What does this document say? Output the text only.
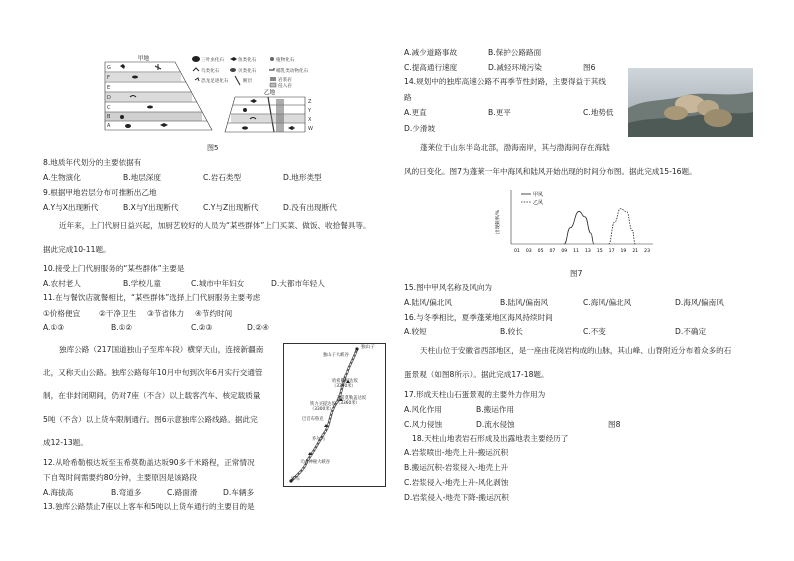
甲地
G
F
E
D
C
B
A
三叶虫化石	鱼类化石	植物化石
鸟类化石	贝类化石	哺乳类动物化石
恐龙足迹化石	断层	岩浆岩
侵入岩
乙地
Z
Y
X
W
图5
8.地质年代划分的主要依据有
A.生物演化	B.地层深度	C.岩石类型	D.地形类型
9.根据甲地岩层分布可推断出乙地
A.Y与X出现断代	B.X与Y出现断代	C.Y与Z出现断代	D.没有出现断代
近年来，上门代厨日益兴起，加厨艺较好的人员为“某些群体”上门买菜、做饭、收拾餐具等。
据此完成10-11题。
10.接受上门代厨服务的“某些群体”主要是
A.农村老人	B.学校儿童	C.城市中年妇女	D.大都市年轻人
11.在与餐饮店就餐相比，“某些群体”选择上门代厨服务主要考虑
①价格便宜 ②干净卫生 ③节省体力 ④节约时间
A.①③	B.①②	C.②③	D.②④
独库公路（217国道独山子至库车段）横穿天山，连接新疆南
北，又称天山公路。独库公路每年10月中旬到次年6月实行交通管
制，在非封闭期间，仍对7座（不含）以上载客汽车、核定载质量
5吨（不含）以上货车限制通行。图6示意独库公路线路。据此完
成12-13题。
12.从哈希勒根达坂至玉希莫勒盖达坂90多千米路程，正常情况
下自驾时间需要约80分钟，主要原因是该路段
A.海拔高	B.弯道多	C.路面滑	D.车辆多
13.独库公路禁止7座以上客车和5吨以上货车通行的主要目的是
独山子
独山子大峡谷
哈希勒根达坂（3390米）
玉希莫勒盖达坂（3360米）
铁力买提达坂（3300米）
巴音布鲁克
乔尔玛
天山神秘大峡谷
库车
A.减少道路事故	B.保护公路路面
C.提高通行速度	D.减轻环境污染	图6
14.规划中的独库高速公路不再季节性封路，主要得益于其线
路
A.更直	B.更平	C.地势低
D.少滑坡
蓬莱位于山东半岛北部，渤海南岸，其与渤海间存在海陆
风的日变化。图7为蓬莱一年中海风和陆风开始出现的时间分布图。据此完成15-16题。
出现频率/%
甲风
乙风
01 03 05 07 09 11 13 15 17 19 21 23
图7
15.图中甲风名称及风向为
A.陆风/偏北风	B.陆风/偏南风	C.海风/偏北风	D.海风/偏南风
16.与冬季相比，夏季蓬莱地区海风持续时间
A.较短	B.较长	C.不变	D.不确定
天柱山位于安徽省西部地区，是一座由花岗岩构成的山脉，其山峰、山脊附近分布着众多的石
蛋景观（如图8所示）。据此完成17-18题。
17.形成天柱山石蛋景观的主要外力作用为
A.风化作用	B.搬运作用
C.风力侵蚀	D.流水侵蚀	图8
18.天柱山地表岩石形成及出露地表主要经历了
A.岩浆喷出-地壳上升-搬运沉积
B.搬运沉积-岩浆侵入-地壳上升
C.岩浆侵入-地壳上升-风化剥蚀
D.岩浆侵入-地壳下降-搬运沉积
